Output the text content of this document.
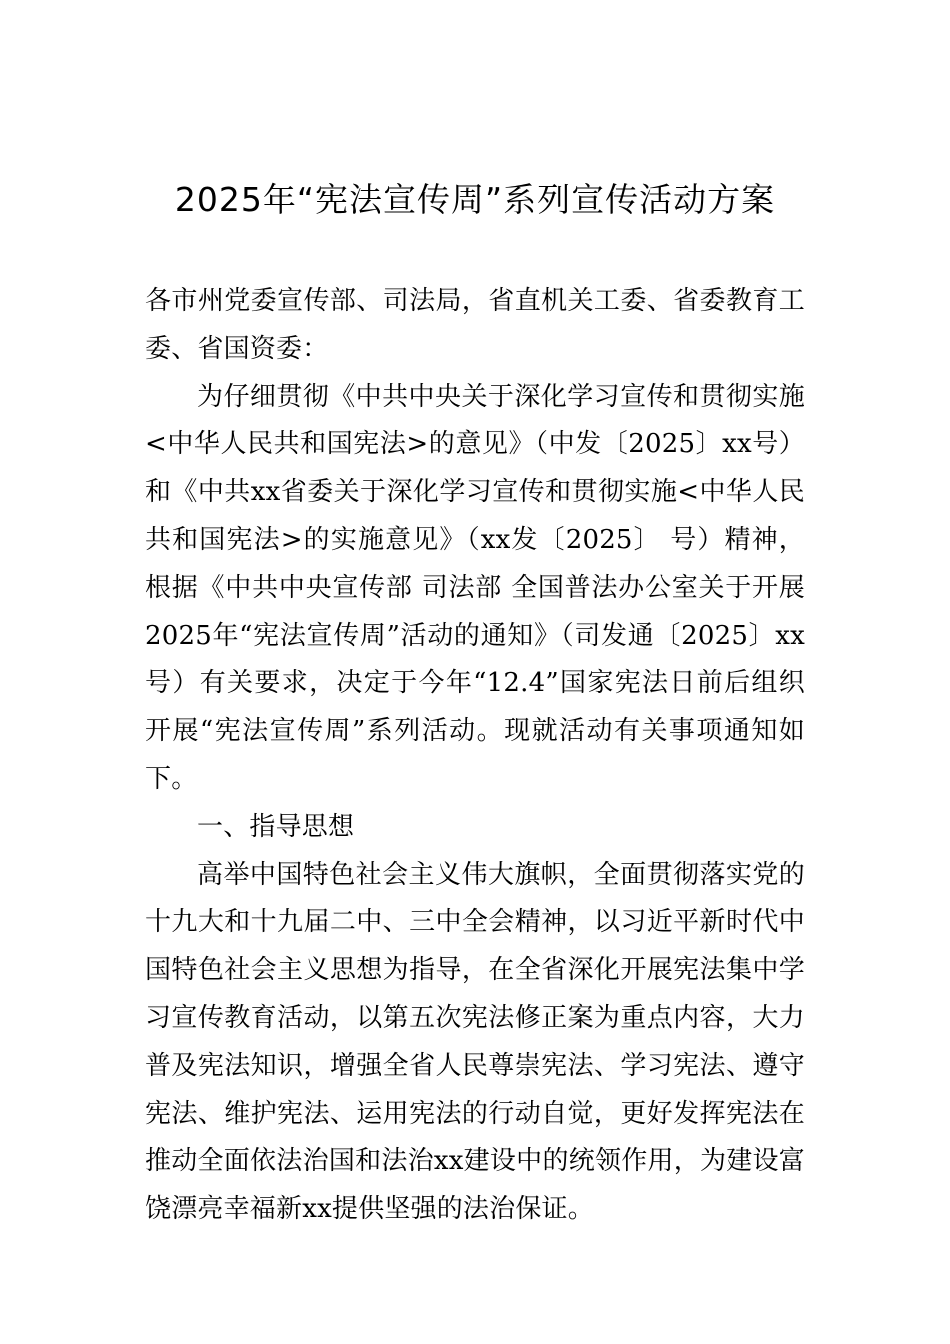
2025年“宪法宣传周”系列宣传活动方案

各市州党委宣传部、司法局，省直机关工委、省委教育工委、省国资委：

为仔细贯彻《中共中央关于深化学习宣传和贯彻实施<中华人民共和国宪法>的意见》（中发〔2025〕xx号）和《中共xx省委关于深化学习宣传和贯彻实施<中华人民共和国宪法>的实施意见》（xx发〔2025〕 号）精神，根据《中共中央宣传部 司法部 全国普法办公室关于开展2025年“宪法宣传周”活动的通知》（司发通〔2025〕xx号）有关要求，决定于今年“12.4”国家宪法日前后组织开展“宪法宣传周”系列活动。现就活动有关事项通知如下。

一、指导思想

高举中国特色社会主义伟大旗帜，全面贯彻落实党的十九大和十九届二中、三中全会精神，以习近平新时代中国特色社会主义思想为指导，在全省深化开展宪法集中学习宣传教育活动，以第五次宪法修正案为重点内容，大力普及宪法知识，增强全省人民尊崇宪法、学习宪法、遵守宪法、维护宪法、运用宪法的行动自觉，更好发挥宪法在推动全面依法治国和法治xx建设中的统领作用，为建设富饶漂亮幸福新xx提供坚强的法治保证。
